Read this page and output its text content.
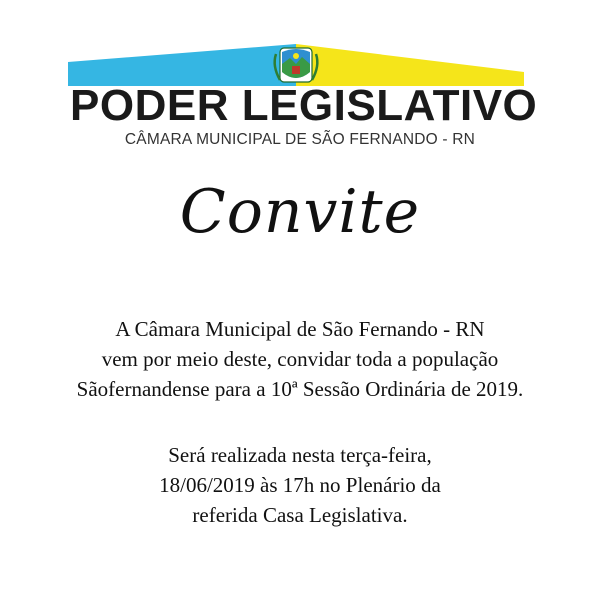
PODER LEGISLATIVO
CÂMARA MUNICIPAL DE SÃO FERNANDO - RN
Convite
A Câmara Municipal de São Fernando - RN
vem por meio deste, convidar toda a população
Sãofernandense para a 10ª Sessão Ordinária de 2019.
Será realizada nesta terça-feira,
18/06/2019 às 17h no Plenário da
referida Casa Legislativa.
